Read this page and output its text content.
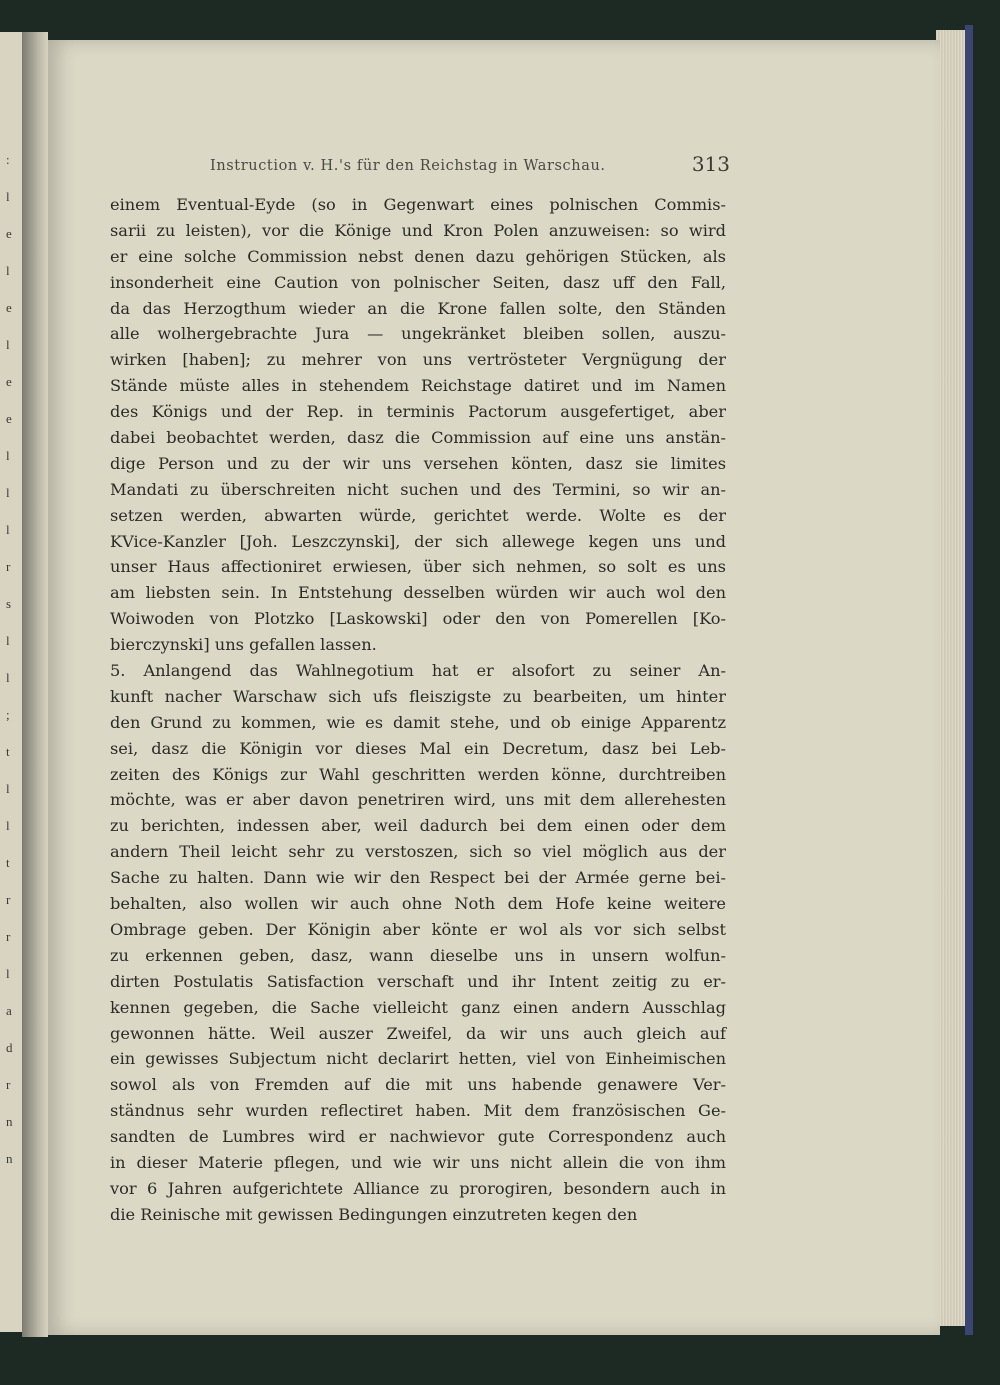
:
l
e
l
e
l
e
e
l
l
l
r
s
l
l
;
t
l
l
t
r
r
l
a
d
r
n
n
Instruction v. H.'s für den Reichstag in Warschau.	313
einem Eventual-Eyde (so in Gegenwart eines polnischen Commis-
sarii zu leisten), vor die Könige und Kron Polen anzuweisen: so wird
er eine solche Commission nebst denen dazu gehörigen Stücken, als
insonderheit eine Caution von polnischer Seiten, dasz uff den Fall,
da das Herzogthum wieder an die Krone fallen solte, den Ständen
alle wolhergebrachte Jura — ungekränket bleiben sollen, auszu-
wirken [haben]; zu mehrer von uns vertrösteter Vergnügung der
Stände müste alles in stehendem Reichstage datiret und im Namen
des Königs und der Rep. in terminis Pactorum ausgefertiget, aber
dabei beobachtet werden, dasz die Commission auf eine uns anstän-
dige Person und zu der wir uns versehen könten, dasz sie limites
Mandati zu überschreiten nicht suchen und des Termini, so wir an-
setzen werden, abwarten würde, gerichtet werde. Wolte es der
KVice-Kanzler [Joh. Leszczynski], der sich allewege kegen uns und
unser Haus affectioniret erwiesen, über sich nehmen, so solt es uns
am liebsten sein. In Entstehung desselben würden wir auch wol den
Woiwoden von Plotzko [Laskowski] oder den von Pomerellen [Ko-
bierczynski] uns gefallen lassen.
5. Anlangend das Wahlnegotium hat er alsofort zu seiner An-
kunft nacher Warschaw sich ufs fleiszigste zu bearbeiten, um hinter
den Grund zu kommen, wie es damit stehe, und ob einige Apparentz
sei, dasz die Königin vor dieses Mal ein Decretum, dasz bei Leb-
zeiten des Königs zur Wahl geschritten werden könne, durchtreiben
möchte, was er aber davon penetriren wird, uns mit dem allerehesten
zu berichten, indessen aber, weil dadurch bei dem einen oder dem
andern Theil leicht sehr zu verstoszen, sich so viel möglich aus der
Sache zu halten. Dann wie wir den Respect bei der Armée gerne bei-
behalten, also wollen wir auch ohne Noth dem Hofe keine weitere
Ombrage geben. Der Königin aber könte er wol als vor sich selbst
zu erkennen geben, dasz, wann dieselbe uns in unsern wolfun-
dirten Postulatis Satisfaction verschaft und ihr Intent zeitig zu er-
kennen gegeben, die Sache vielleicht ganz einen andern Ausschlag
gewonnen hätte. Weil auszer Zweifel, da wir uns auch gleich auf
ein gewisses Subjectum nicht declarirt hetten, viel von Einheimischen
sowol als von Fremden auf die mit uns habende genawere Ver-
ständnus sehr wurden reflectiret haben. Mit dem französischen Ge-
sandten de Lumbres wird er nachwievor gute Correspondenz auch
in dieser Materie pflegen, und wie wir uns nicht allein die von ihm
vor 6 Jahren aufgerichtete Alliance zu prorogiren, besondern auch in
die Reinische mit gewissen Bedingungen einzutreten kegen den
